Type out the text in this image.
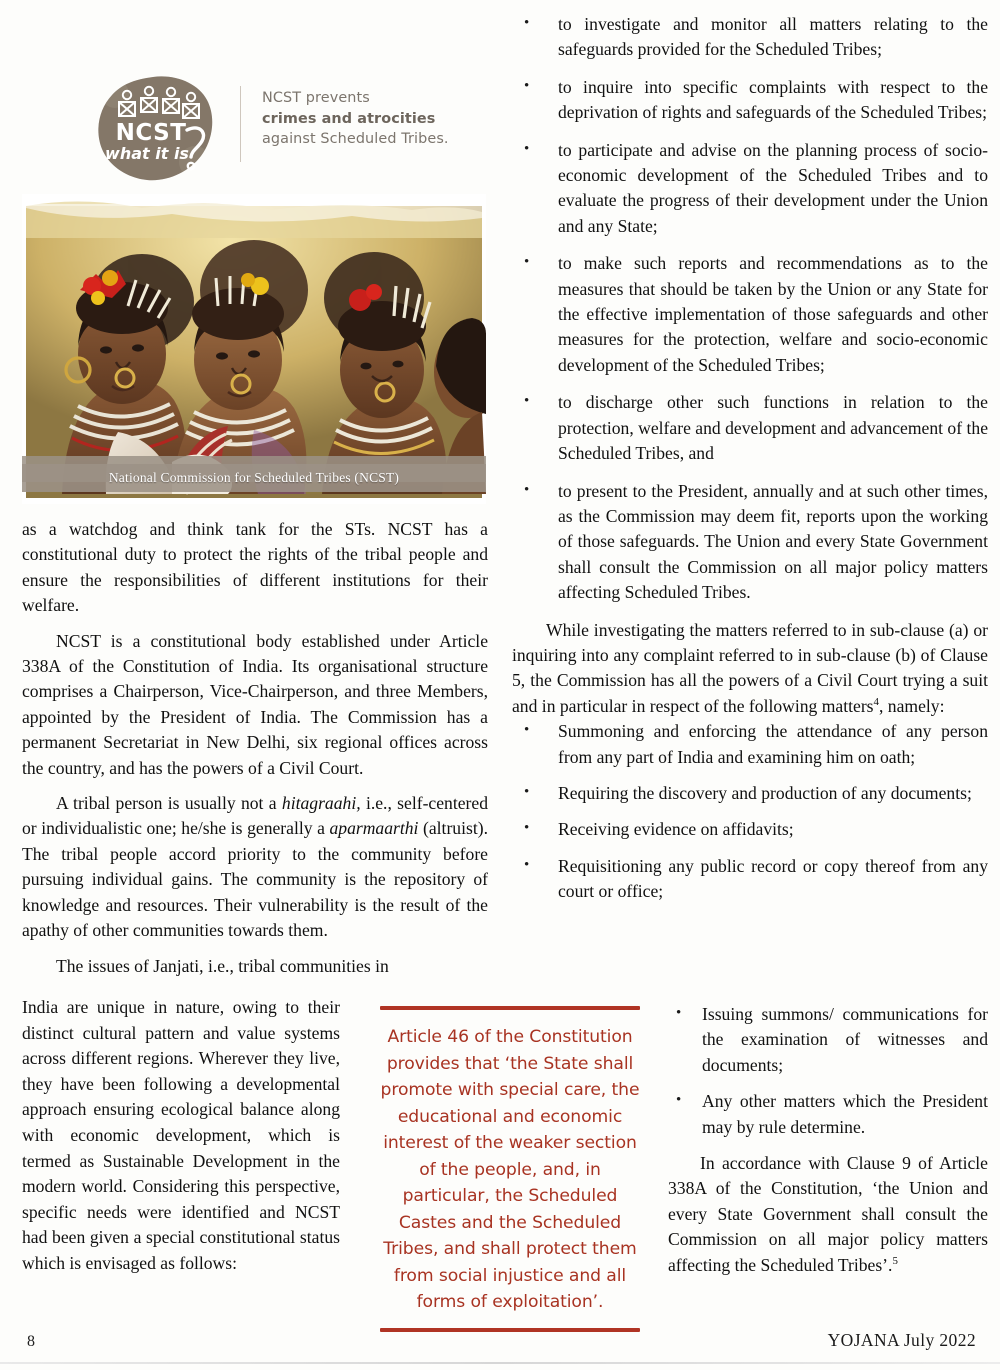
NCST
what it is
NCST prevents
crimes and atrocities
against Scheduled Tribes.
National Commission for Scheduled Tribes (NCST)

as a watchdog and think tank for the STs. NCST has a constitutional duty to protect the rights of the tribal people and ensure the responsibilities of different institutions for their welfare.

NCST is a constitutional body established under Article 338A of the Constitution of India. Its organisational structure comprises a Chairperson, Vice-Chairperson, and three Members, appointed by the President of India. The Commission has a permanent Secretariat in New Delhi, six regional offices across the country, and has the powers of a Civil Court.

A tribal person is usually not a hitagraahi, i.e., self-centered or individualistic one; he/she is generally a aparmaarthi (altruist). The tribal people accord priority to the community before pursuing individual gains. The community is the repository of knowledge and resources. Their vulnerability is the result of the apathy of other communities towards them.

The issues of Janjati, i.e., tribal communities in

India are unique in nature, owing to their distinct cultural pattern and value systems across different regions. Wherever they live, they have been following a developmental approach ensuring ecological balance along with economic development, which is termed as Sustainable Development in the modern world. Considering this perspective, specific needs were identified and NCST had been given a special constitutional status which is envisaged as follows:

Article 46 of the Constitution provides that ‘the State shall promote with special care, the educational and economic interest of the weaker section of the people, and, in particular, the Scheduled Castes and the Scheduled Tribes, and shall protect them from social injustice and all forms of exploitation’.
• to investigate and monitor all matters relating to the safeguards provided for the Scheduled Tribes;
• to inquire into specific complaints with respect to the deprivation of rights and safeguards of the Scheduled Tribes;
• to participate and advise on the planning process of socio-economic development of the Scheduled Tribes and to evaluate the progress of their development under the Union and any State;
• to make such reports and recommendations as to the measures that should be taken by the Union or any State for the effective implementation of those safeguards and other measures for the protection, welfare and socio-economic development of the Scheduled Tribes;
• to discharge other such functions in relation to the protection, welfare and development and advancement of the Scheduled Tribes, and
• to present to the President, annually and at such other times, as the Commission may deem fit, reports upon the working of those safeguards. The Union and every State Government shall consult the Commission on all major policy matters affecting Scheduled Tribes.

While investigating the matters referred to in sub-clause (a) or inquiring into any complaint referred to in sub-clause (b) of Clause 5, the Commission has all the powers of a Civil Court trying a suit and in particular in respect of the following matters$^4$, namely:

• Summoning and enforcing the attendance of any person from any part of India and examining him on oath;
• Requiring the discovery and production of any documents;
• Receiving evidence on affidavits;
• Requisitioning any public record or copy thereof from any court or office;
• Issuing summons/ communications for the examination of witnesses and documents;
• Any other matters which the President may by rule determine.

In accordance with Clause 9 of Article 338A of the Constitution, ‘the Union and every State Government shall consult the Commission on all major policy matters affecting the Scheduled Tribes’.$^5$

8	YOJANA July 2022
